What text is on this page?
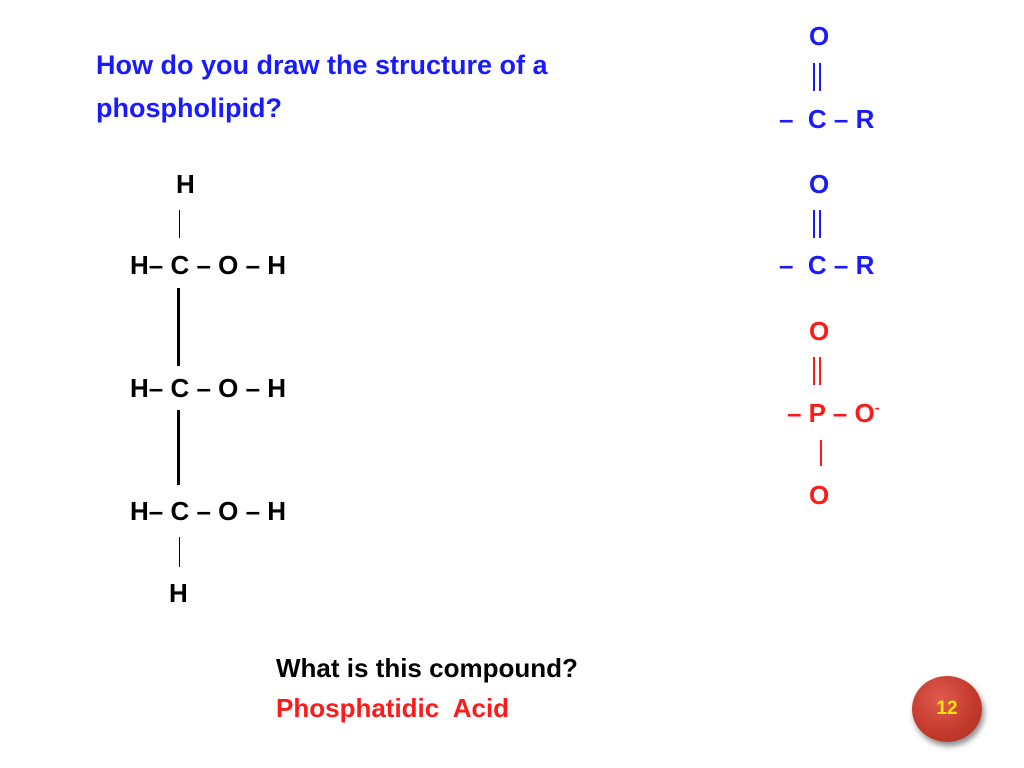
How do you draw the structure of a phospholipid?
H
H– C – O – H
H– C – O – H
H– C – O – H
H
O
–  C – R
O
–  C – R
O
– P – O-
O
What is this compound?
Phosphatidic  Acid	12
